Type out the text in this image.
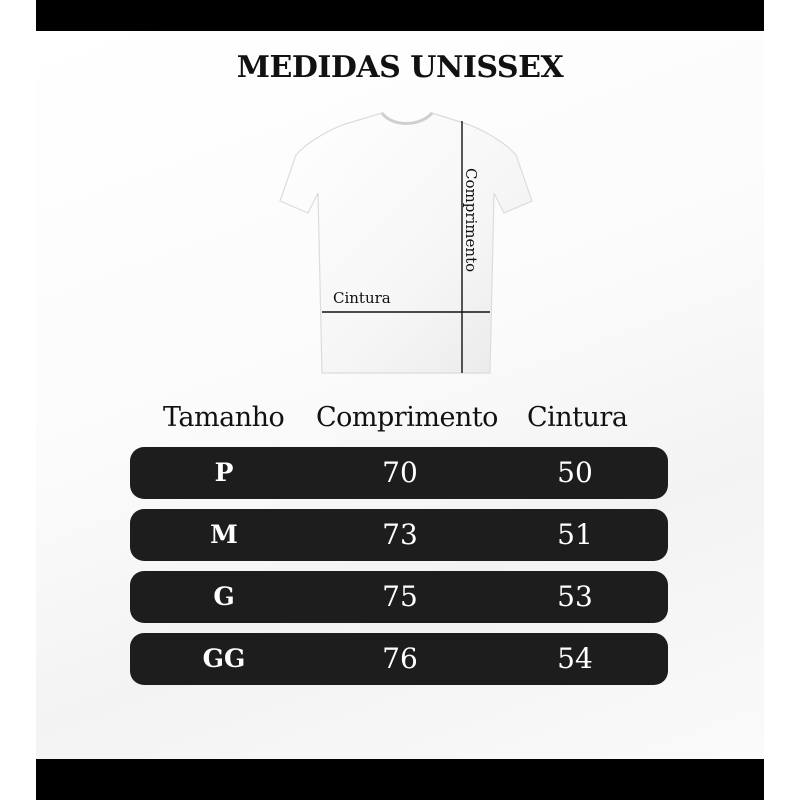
MEDIDAS UNISSEX
Comprimento
Cintura
Tamanho Comprimento Cintura
P	70	50
M	73	51
G	75	53
GG	76	54
